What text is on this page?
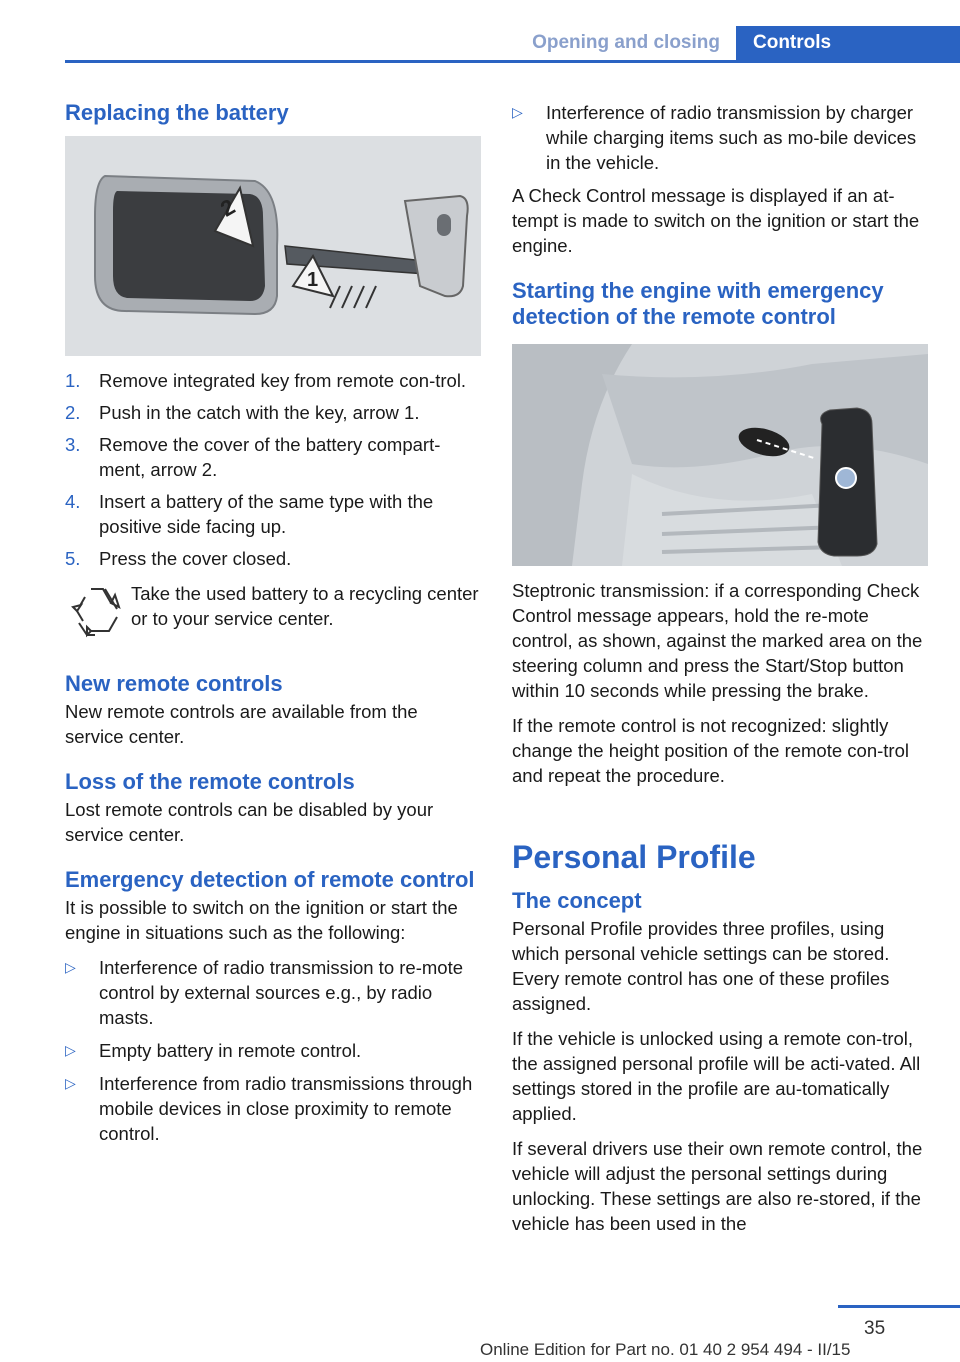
Opening and closing	Controls
Replacing the battery
2
1
1.	Remove integrated key from remote con-trol.
2.	Push in the catch with the key, arrow 1.
3.	Remove the cover of the battery compart-ment, arrow 2.
4.	Insert a battery of the same type with the positive side facing up.
5.	Press the cover closed.
Take the used battery to a recycling center or to your service center.
New remote controls

New remote controls are available from the service center.

Loss of the remote controls

Lost remote controls can be disabled by your service center.

Emergency detection of remote control

It is possible to switch on the ignition or start the engine in situations such as the following:

▷	Interference of radio transmission to re-mote control by external sources e.g., by radio masts.
▷	Empty battery in remote control.
▷	Interference from radio transmissions through mobile devices in close proximity to remote control.
▷	Interference of radio transmission by charger while charging items such as mo-bile devices in the vehicle.

A Check Control message is displayed if an at-tempt is made to switch on the ignition or start the engine.

Starting the engine with emergency detection of the remote control

Steptronic transmission: if a corresponding Check Control message appears, hold the re-mote control, as shown, against the marked area on the steering column and press the Start/Stop button within 10 seconds while pressing the brake.

If the remote control is not recognized: slightly change the height position of the remote con-trol and repeat the procedure.

Personal Profile
The concept

Personal Profile provides three profiles, using which personal vehicle settings can be stored. Every remote control has one of these profiles assigned.

If the vehicle is unlocked using a remote con-trol, the assigned personal profile will be acti-vated. All settings stored in the profile are au-tomatically applied.

If several drivers use their own remote control, the vehicle will adjust the personal settings during unlocking. These settings are also re-stored, if the vehicle has been used in the

35
Online Edition for Part no. 01 40 2 954 494 - II/15
